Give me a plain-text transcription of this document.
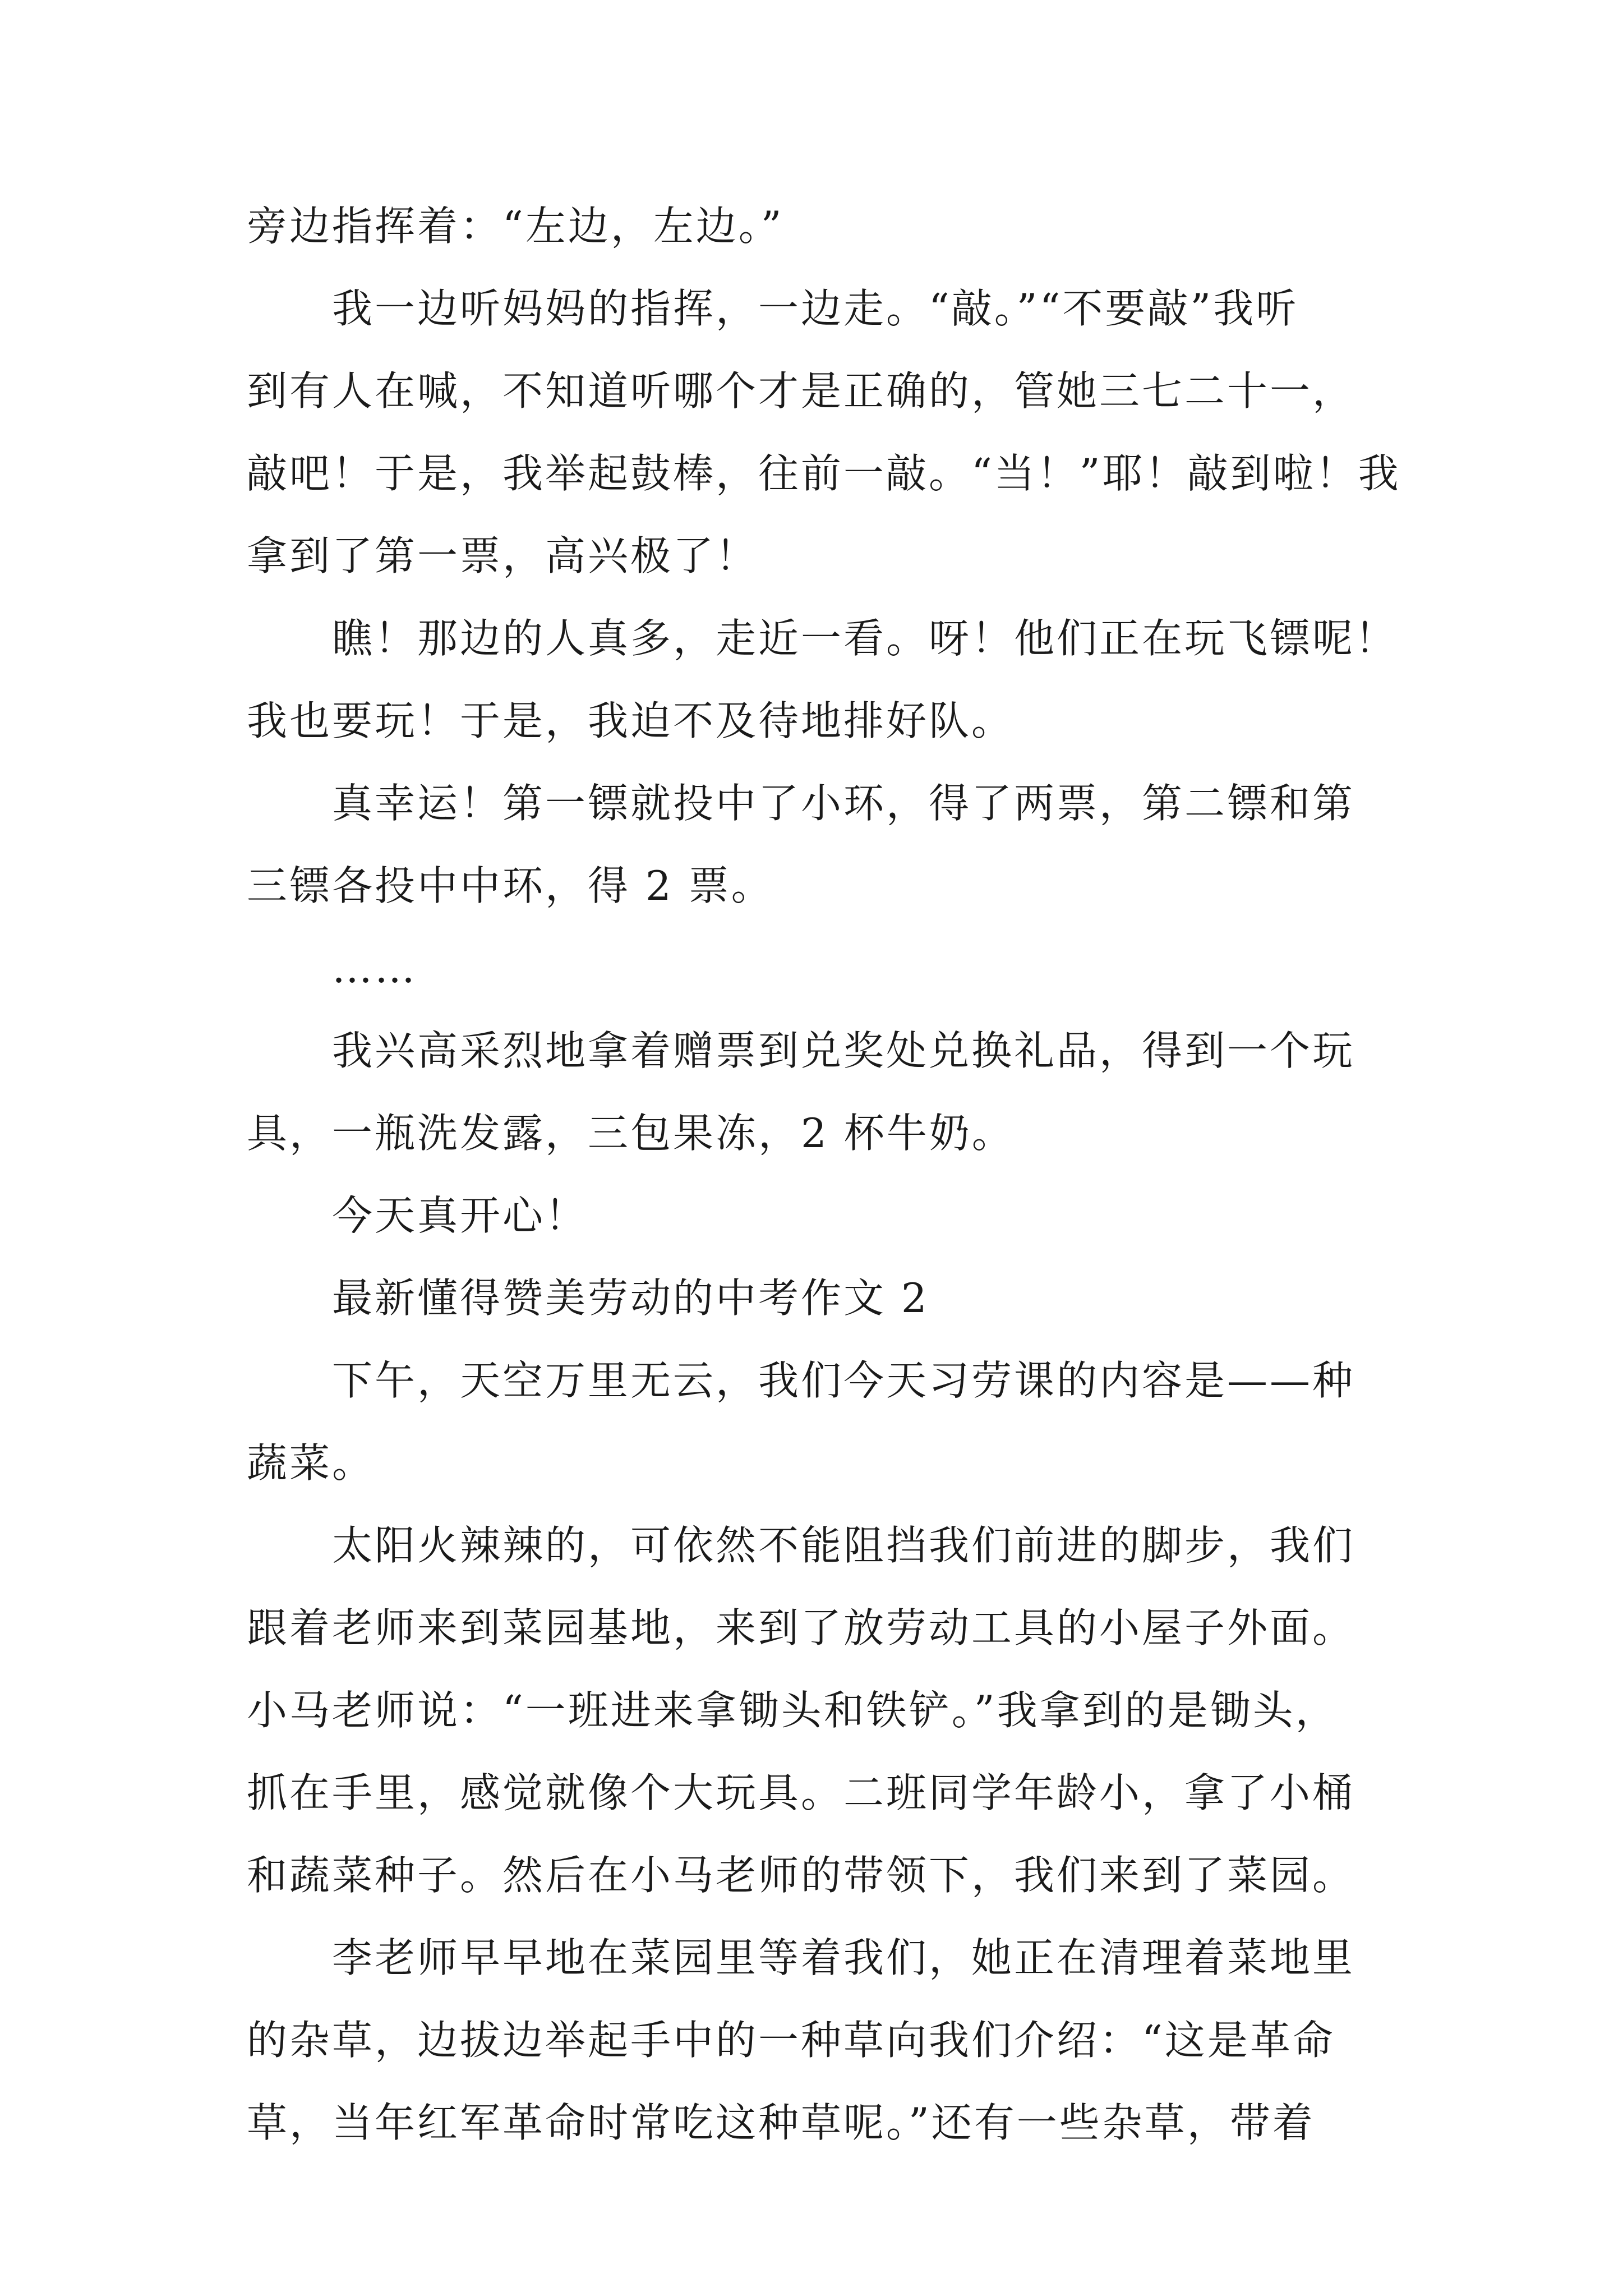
旁边指挥着：“左边，左边。”
我一边听妈妈的指挥，一边走。“敲。”“不要敲”我听
到有人在喊，不知道听哪个才是正确的，管她三七二十一，
敲吧！于是，我举起鼓棒，往前一敲。“当！”耶！敲到啦！我
拿到了第一票，高兴极了！
瞧！那边的人真多，走近一看。呀！他们正在玩飞镖呢！
我也要玩！于是，我迫不及待地排好队。
真幸运！第一镖就投中了小环，得了两票，第二镖和第
三镖各投中中环，得 2 票。
……
我兴高采烈地拿着赠票到兑奖处兑换礼品，得到一个玩
具，一瓶洗发露，三包果冻，2 杯牛奶。
今天真开心！
最新懂得赞美劳动的中考作文 2
下午，天空万里无云，我们今天习劳课的内容是——种
蔬菜。
太阳火辣辣的，可依然不能阻挡我们前进的脚步，我们
跟着老师来到菜园基地，来到了放劳动工具的小屋子外面。
小马老师说：“一班进来拿锄头和铁铲。”我拿到的是锄头，
抓在手里，感觉就像个大玩具。二班同学年龄小，拿了小桶
和蔬菜种子。然后在小马老师的带领下，我们来到了菜园。
李老师早早地在菜园里等着我们，她正在清理着菜地里
的杂草，边拔边举起手中的一种草向我们介绍：“这是革命
草，当年红军革命时常吃这种草呢。”还有一些杂草，带着
